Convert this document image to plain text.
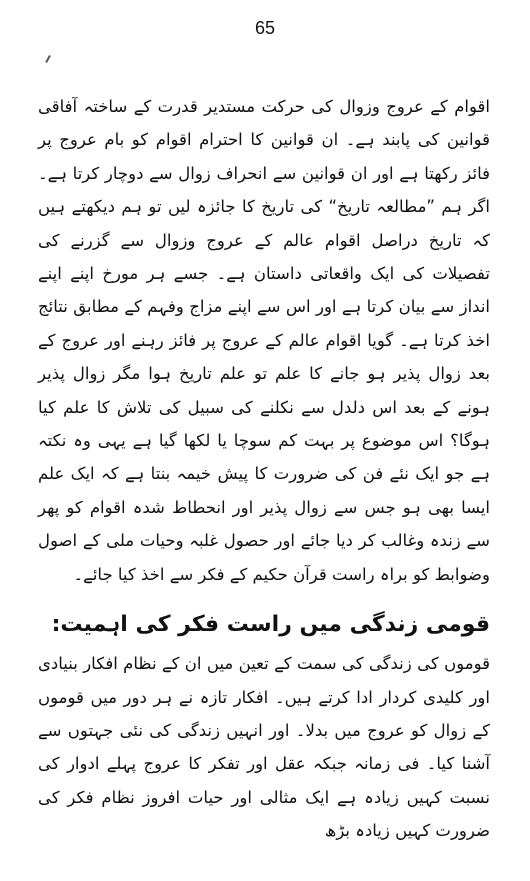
65

اقوام کے عروج وزوال کی حرکت مستدیر قدرت کے ساختہ آفاقی قوانین کی پابند ہے۔ ان قوانین کا احترام اقوام کو بام عروج پر فائز رکھتا ہے اور ان قوانین سے انحراف زوال سے دوچار کرتا ہے۔ اگر ہم ”مطالعہ تاریخ“ کی تاریخ کا جائزہ لیں تو ہم دیکھتے ہیں کہ تاریخ دراصل اقوام عالم کے عروج وزوال سے گزرنے کی تفصیلات کی ایک واقعاتی داستان ہے۔ جسے ہر مورخ اپنے اپنے انداز سے بیان کرتا ہے اور اس سے اپنے مزاج وفہم کے مطابق نتائج اخذ کرتا ہے۔ گویا اقوام عالم کے عروج پر فائز رہنے اور عروج کے بعد زوال پذیر ہو جانے کا علم تو علم تاریخ ہوا مگر زوال پذیر ہونے کے بعد اس دلدل سے نکلنے کی سبیل کی تلاش کا علم کیا ہوگا؟ اس موضوع پر بہت کم سوچا یا لکھا گیا ہے یہی وہ نکتہ ہے جو ایک نئے فن کی ضرورت کا پیش خیمہ بنتا ہے کہ ایک علم ایسا بھی ہو جس سے زوال پذیر اور انحطاط شدہ اقوام کو پھر سے زندہ وغالب کر دیا جائے اور حصول غلبہ وحیات ملی کے اصول وضوابط کو براہ راست قرآن حکیم کے فکر سے اخذ کیا جائے۔

قومی زندگی میں راست فکر کی اہمیت:

قوموں کی زندگی کی سمت کے تعین میں ان کے نظام افکار بنیادی اور کلیدی کردار ادا کرتے ہیں۔ افکار تازہ نے ہر دور میں قوموں کے زوال کو عروج میں بدلا۔ اور انہیں زندگی کی نئی جہتوں سے آشنا کیا۔ فی زمانہ جبکہ عقل اور تفکر کا عروج پہلے ادوار کی نسبت کہیں زیادہ ہے ایک مثالی اور حیات افروز نظام فکر کی ضرورت کہیں زیادہ بڑھ
